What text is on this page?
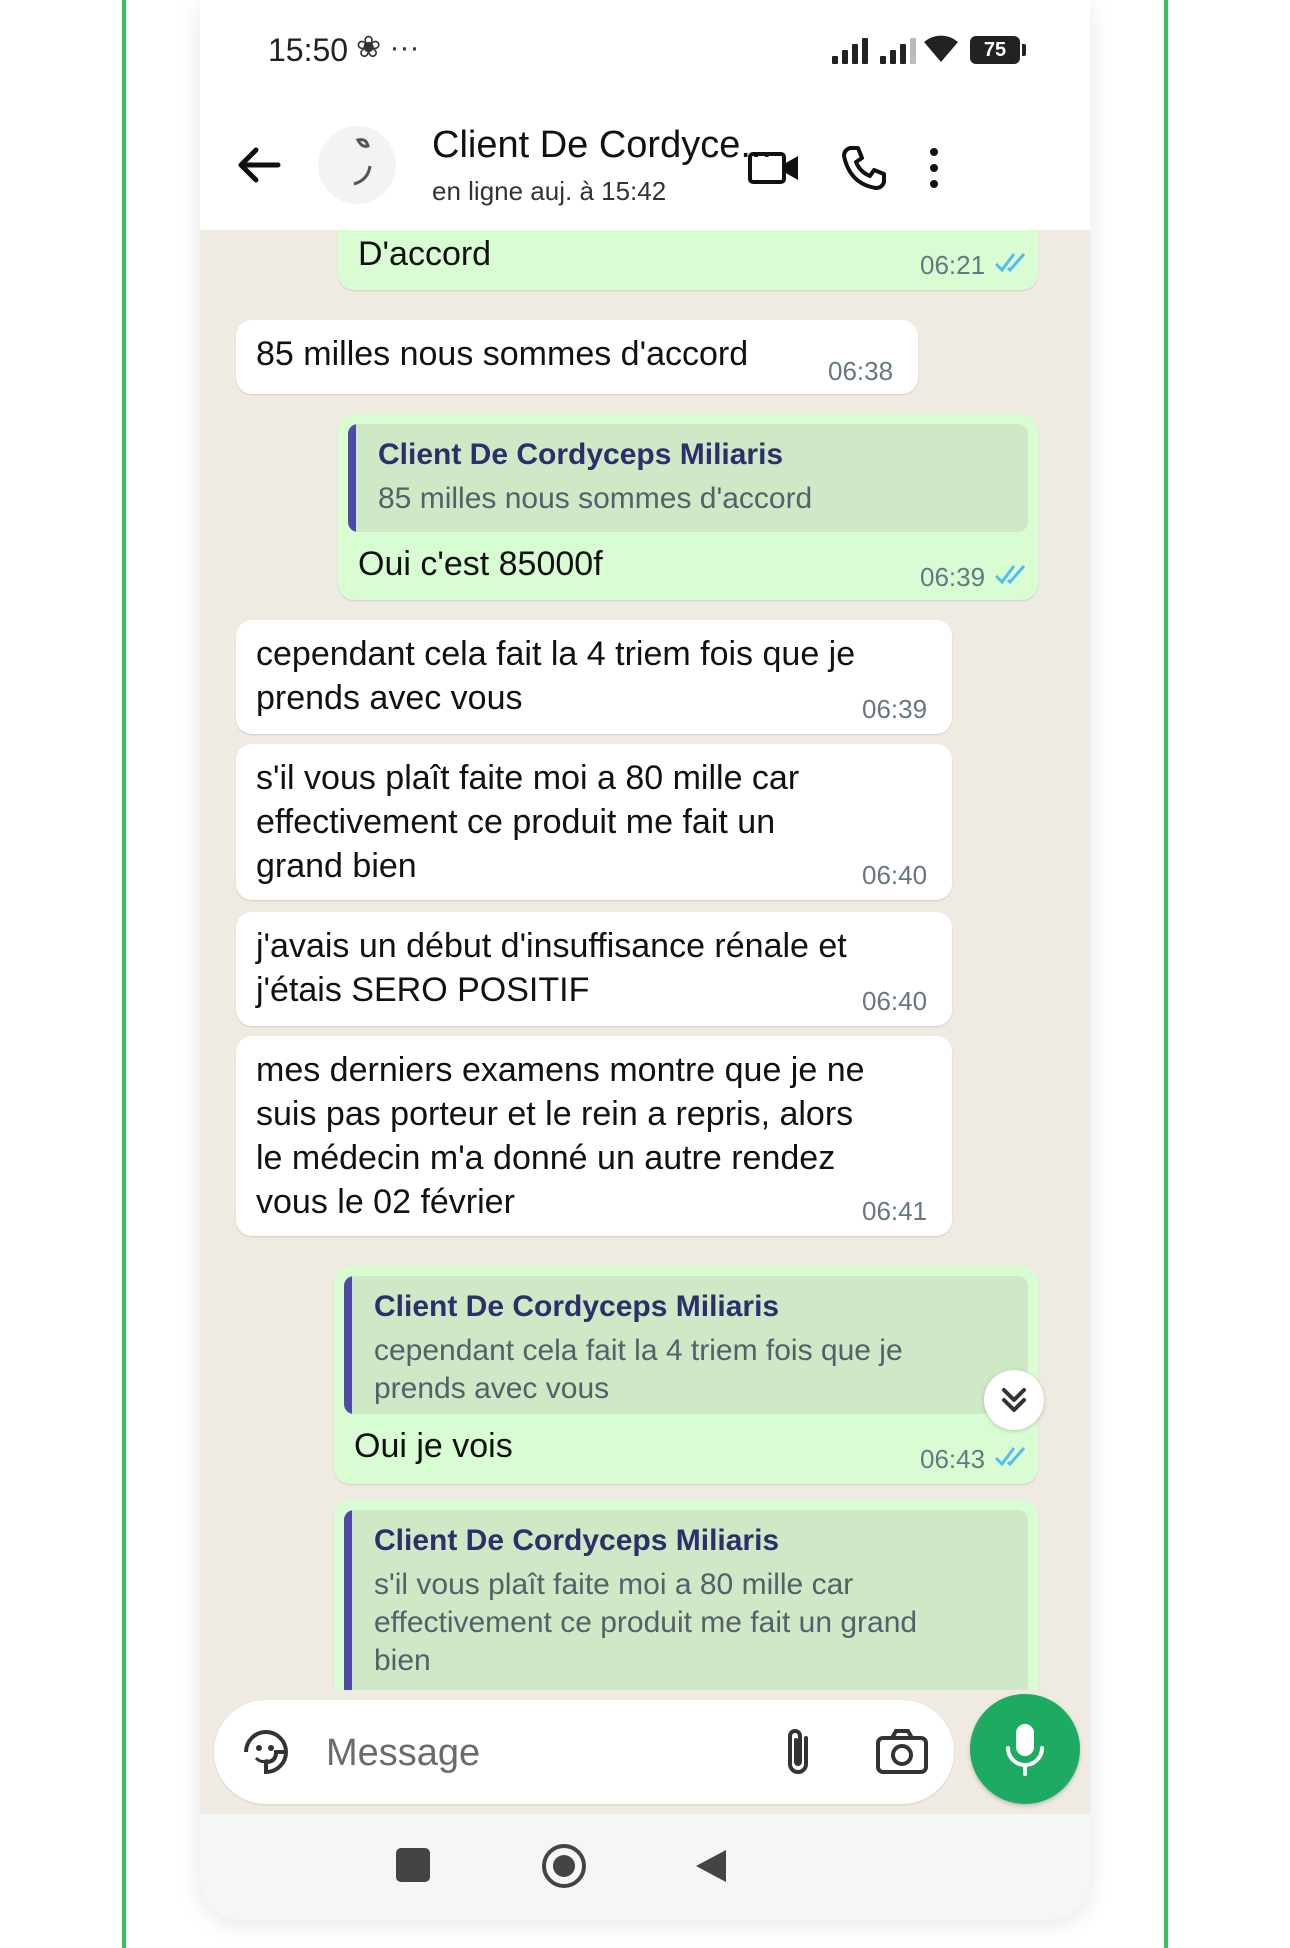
15:50 ❀ ···	75
Client De Cordyce...
en ligne auj. à 15:42
D'accord	06:21
85 milles nous sommes d'accord	06:38
Client De Cordyceps Miliaris
85 milles nous sommes d'accord
Oui c'est 85000f	06:39
cependant cela fait la 4 triem fois que je
prends avec vous	06:39
s'il vous plaît faite moi a 80 mille car
effectivement ce produit me fait un
grand bien	06:40
j'avais un début d'insuffisance rénale et
j'étais SERO POSITIF	06:40
mes derniers examens montre que je ne
suis pas porteur et le rein a repris, alors
le médecin m'a donné un autre rendez
vous le 02 février	06:41
Client De Cordyceps Miliaris
cependant cela fait la 4 triem fois que je
prends avec vous
Oui je vois	06:43
Client De Cordyceps Miliaris
s'il vous plaît faite moi a 80 mille car
effectivement ce produit me fait un grand
bien
Message
